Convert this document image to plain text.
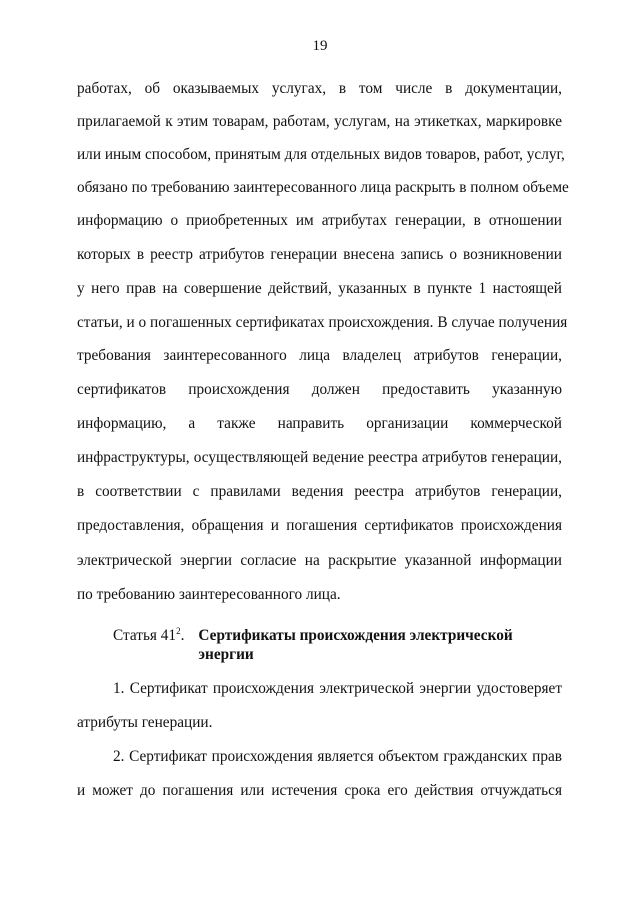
19
работах, об оказываемых услугах, в том числе в документации,
прилагаемой к этим товарам, работам, услугам, на этикетках, маркировке
или иным способом, принятым для отдельных видов товаров, работ, услуг,
обязано по требованию заинтересованного лица раскрыть в полном объеме
информацию о приобретенных им атрибутах генерации, в отношении
которых в реестр атрибутов генерации внесена запись о возникновении
у него прав на совершение действий, указанных в пункте 1 настоящей
статьи, и о погашенных сертификатах происхождения. В случае получения
требования заинтересованного лица владелец атрибутов генерации,
сертификатов происхождения должен предоставить указанную
информацию, а также направить организации коммерческой
инфраструктуры, осуществляющей ведение реестра атрибутов генерации,
в соответствии с правилами ведения реестра атрибутов генерации,
предоставления, обращения и погашения сертификатов происхождения
электрической энергии согласие на раскрытие указанной информации
по требованию заинтересованного лица.
Статья $41^2$. Сертификаты происхождения электрической энергии
1. Сертификат происхождения электрической энергии удостоверяет
атрибуты генерации.
2. Сертификат происхождения является объектом гражданских прав
и может до погашения или истечения срока его действия отчуждаться
